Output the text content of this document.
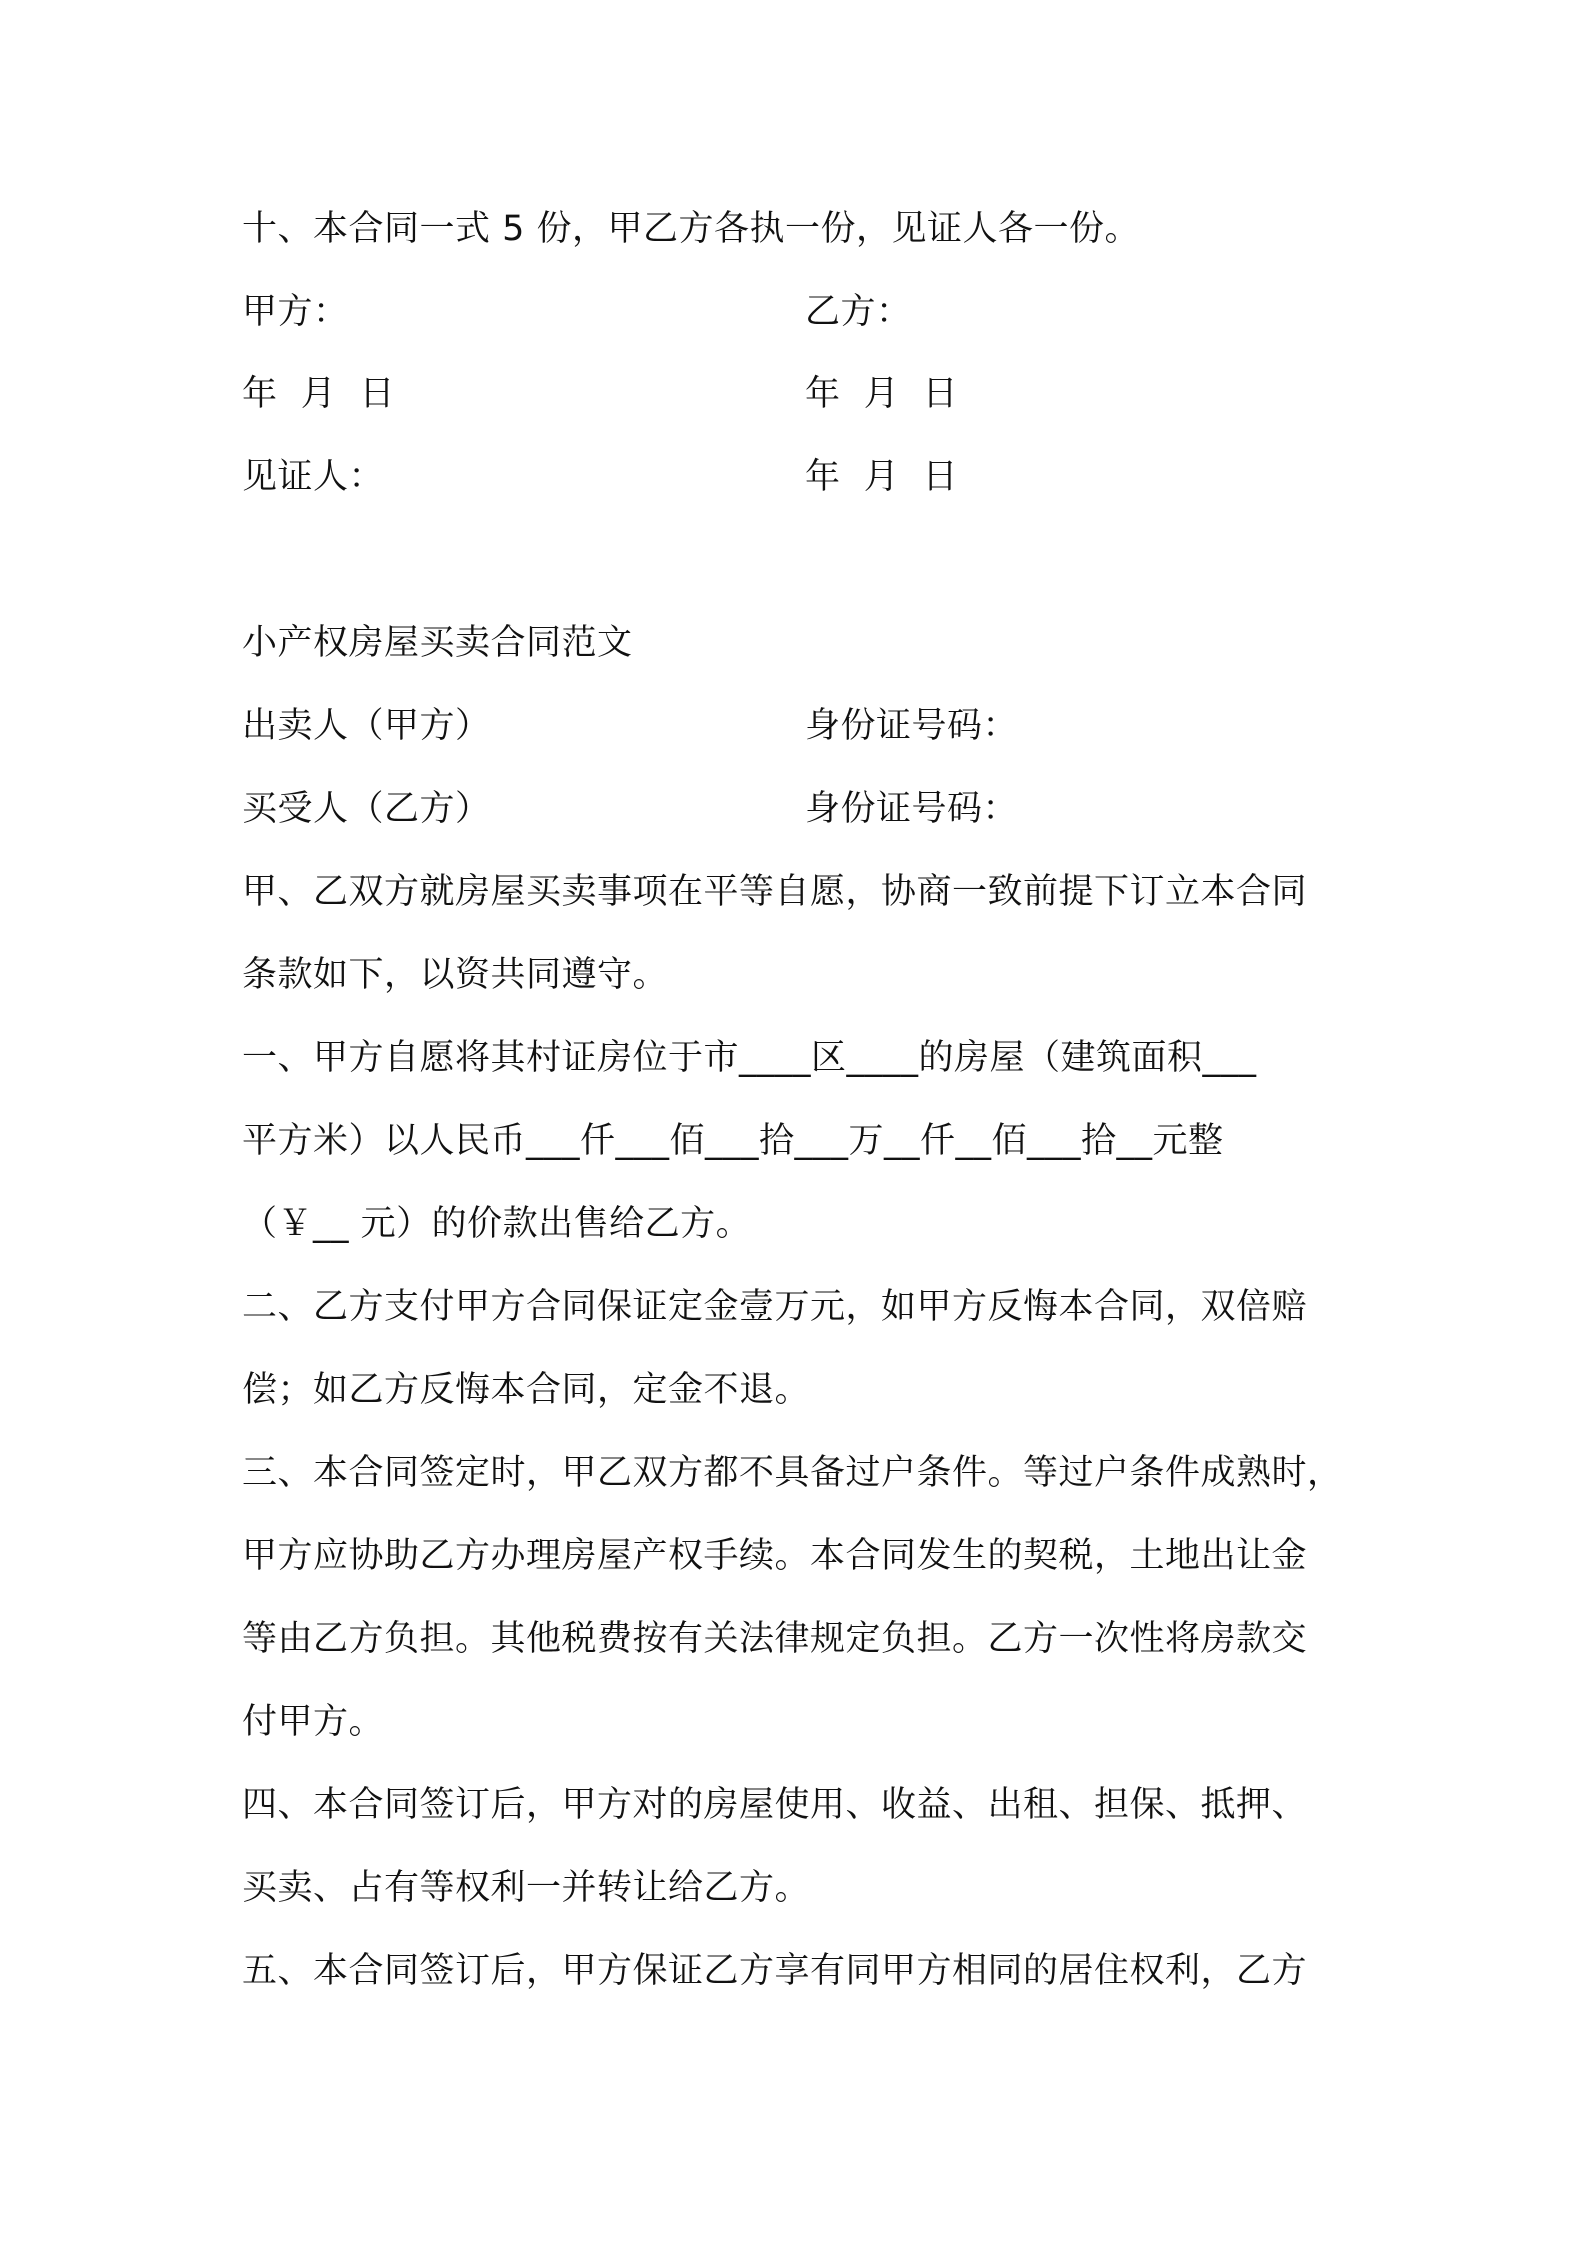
十、本合同一式 5 份，甲乙方各执一份，见证人各一份。
甲方：	乙方：
年  月  日	年  月  日
见证人：	年  月  日
小产权房屋买卖合同范文
出卖人（甲方）	身份证号码：
买受人（乙方）	身份证号码：
甲、乙双方就房屋买卖事项在平等自愿，协商一致前提下订立本合同
条款如下，以资共同遵守。
一、甲方自愿将其村证房位于市____区____的房屋（建筑面积___
平方米）以人民币___仟___佰___拾___万__仟__佰___拾__元整
（￥__ 元）的价款出售给乙方。
二、乙方支付甲方合同保证定金壹万元，如甲方反悔本合同，双倍赔
偿；如乙方反悔本合同，定金不退。
三、本合同签定时，甲乙双方都不具备过户条件。等过户条件成熟时，
甲方应协助乙方办理房屋产权手续。本合同发生的契税，土地出让金
等由乙方负担。其他税费按有关法律规定负担。乙方一次性将房款交
付甲方。
四、本合同签订后，甲方对的房屋使用、收益、出租、担保、抵押、
买卖、占有等权利一并转让给乙方。
五、本合同签订后，甲方保证乙方享有同甲方相同的居住权利，乙方
